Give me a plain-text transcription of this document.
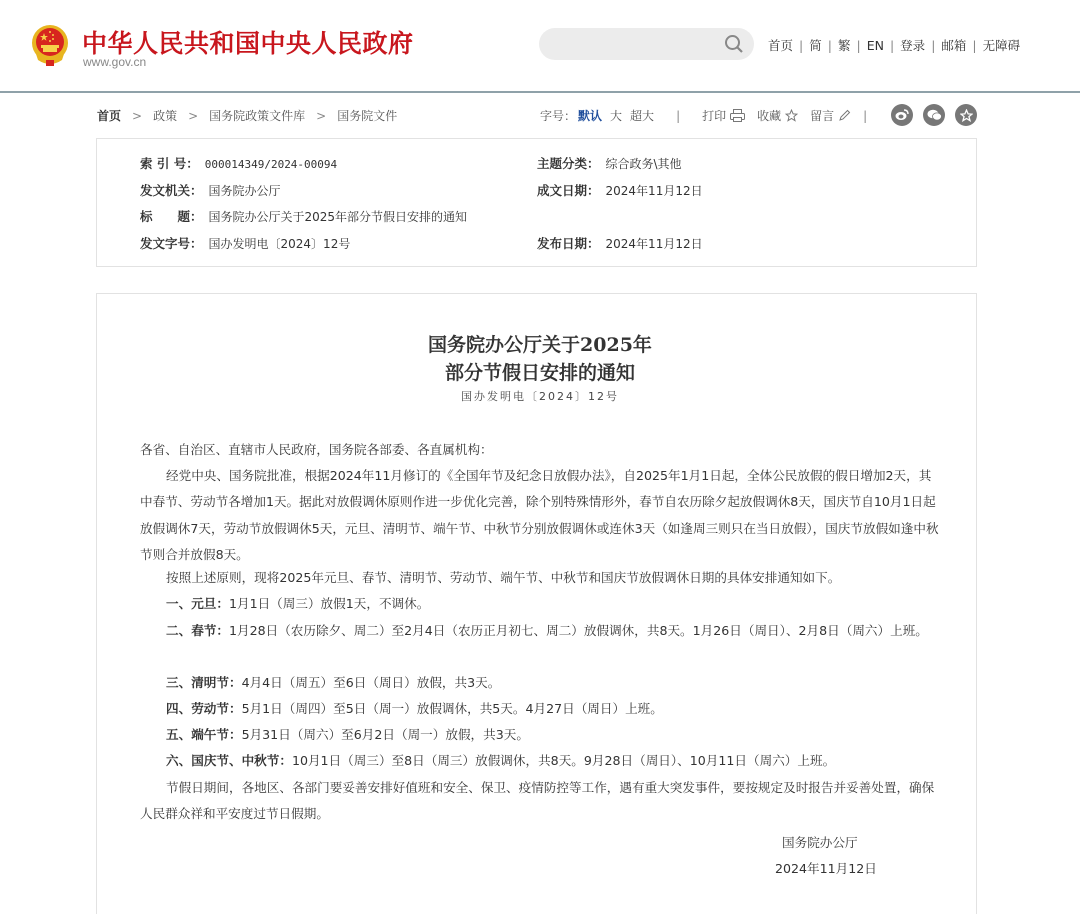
中华人民共和国中央人民政府
www.gov.cn
首页 | 简 | 繁 | EN | 登录 | 邮箱 | 无障碍
首页 > 政策 > 国务院政策文件库 > 国务院文件	字号： 默认 大 超大 | 打印	收藏 留言 |
索 引 号： 000014349/2024-00094
发文机关： 国务院办公厅
标　　题： 国务院办公厅关于2025年部分节假日安排的通知
发文字号： 国办发明电〔2024〕12号
主题分类： 综合政务\其他
成文日期： 2024年11月12日
发布日期： 2024年11月12日
国务院办公厅关于2025年
部分节假日安排的通知
国办发明电〔2024〕12号
各省、自治区、直辖市人民政府，国务院各部委、各直属机构：
经党中央、国务院批准，根据2024年11月修订的《全国年节及纪念日放假办法》，自2025年1月1日起，全体公民放假的假日增加2天，其中春节、劳动节各增加1天。据此对放假调休原则作进一步优化完善，除个别特殊情形外，春节自农历除夕起放假调休8天，国庆节自10月1日起放假调休7天，劳动节放假调休5天，元旦、清明节、端午节、中秋节分别放假调休或连休3天（如逢周三则只在当日放假），国庆节放假如逢中秋节则合并放假8天。
按照上述原则，现将2025年元旦、春节、清明节、劳动节、端午节、中秋节和国庆节放假调休日期的具体安排通知如下。
一、元旦：1月1日（周三）放假1天，不调休。
二、春节：1月28日（农历除夕、周二）至2月4日（农历正月初七、周二）放假调休，共8天。1月26日（周日）、2月8日（周六）上班。
三、清明节：4月4日（周五）至6日（周日）放假，共3天。
四、劳动节：5月1日（周四）至5日（周一）放假调休，共5天。4月27日（周日）上班。
五、端午节：5月31日（周六）至6月2日（周一）放假，共3天。
六、国庆节、中秋节：10月1日（周三）至8日（周三）放假调休，共8天。9月28日（周日）、10月11日（周六）上班。
节假日期间，各地区、各部门要妥善安排好值班和安全、保卫、疫情防控等工作，遇有重大突发事件，要按规定及时报告并妥善处置，确保人民群众祥和平安度过节日假期。
国务院办公厅
2024年11月12日
